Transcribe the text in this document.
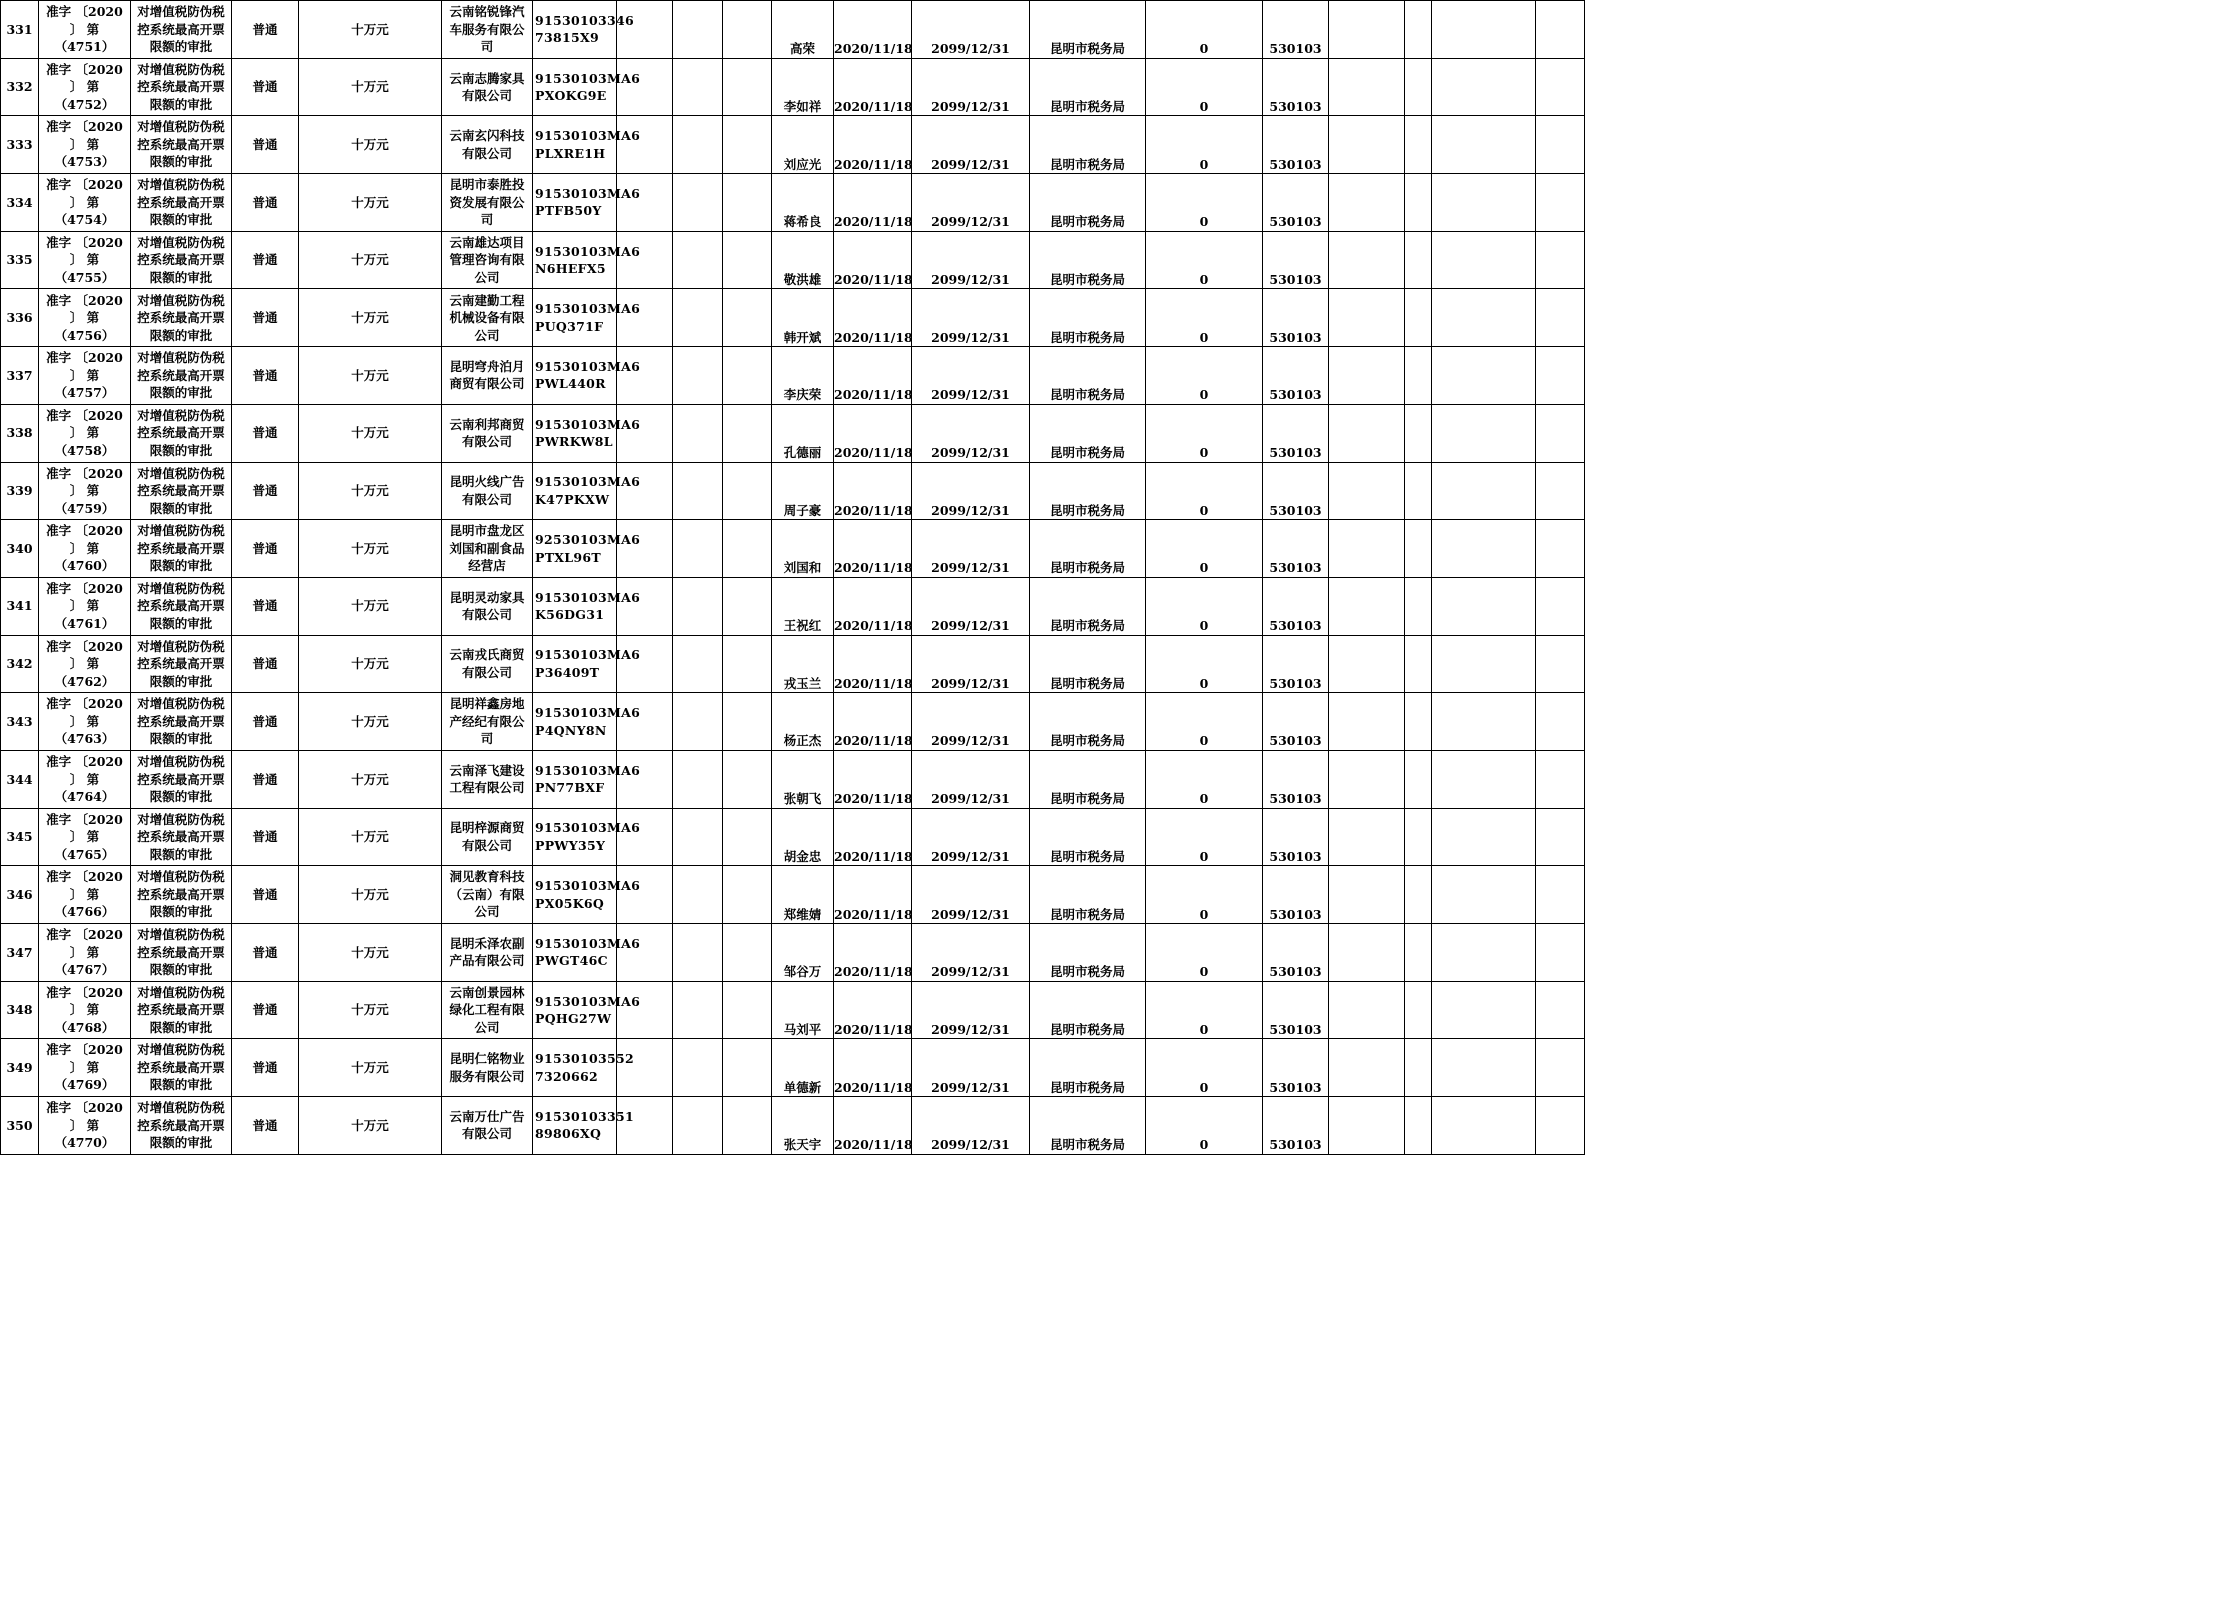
331	准字 〔2020
〕 第
（4751）	对增值税防伪税
控系统最高开票
限额的审批	普通	十万元	云南铭锐锋汽
车服务有限公
司	91530103346
73815X9				高荣	2020/11/18	2099/12/31	昆明市税务局	0	530103				
332	准字 〔2020
〕 第
（4752）	对增值税防伪税
控系统最高开票
限额的审批	普通	十万元	云南志腾家具
有限公司	91530103MA6
PXOKG9E				李如祥	2020/11/18	2099/12/31	昆明市税务局	0	530103				
333	准字 〔2020
〕 第
（4753）	对增值税防伪税
控系统最高开票
限额的审批	普通	十万元	云南玄闪科技
有限公司	91530103MA6
PLXRE1H				刘应光	2020/11/18	2099/12/31	昆明市税务局	0	530103				
334	准字 〔2020
〕 第
（4754）	对增值税防伪税
控系统最高开票
限额的审批	普通	十万元	昆明市泰胜投
资发展有限公
司	91530103MA6
PTFB50Y				蒋希良	2020/11/18	2099/12/31	昆明市税务局	0	530103				
335	准字 〔2020
〕 第
（4755）	对增值税防伪税
控系统最高开票
限额的审批	普通	十万元	云南雄达项目
管理咨询有限
公司	91530103MA6
N6HEFX5				敬洪雄	2020/11/18	2099/12/31	昆明市税务局	0	530103				
336	准字 〔2020
〕 第
（4756）	对增值税防伪税
控系统最高开票
限额的审批	普通	十万元	云南建勤工程
机械设备有限
公司	91530103MA6
PUQ371F				韩开斌	2020/11/18	2099/12/31	昆明市税务局	0	530103				
337	准字 〔2020
〕 第
（4757）	对增值税防伪税
控系统最高开票
限额的审批	普通	十万元	昆明穹舟泊月
商贸有限公司	91530103MA6
PWL440R				李庆荣	2020/11/18	2099/12/31	昆明市税务局	0	530103				
338	准字 〔2020
〕 第
（4758）	对增值税防伪税
控系统最高开票
限额的审批	普通	十万元	云南利邦商贸
有限公司	91530103MA6
PWRKW8L				孔德丽	2020/11/18	2099/12/31	昆明市税务局	0	530103				
339	准字 〔2020
〕 第
（4759）	对增值税防伪税
控系统最高开票
限额的审批	普通	十万元	昆明火线广告
有限公司	91530103MA6
K47PKXW				周子豪	2020/11/18	2099/12/31	昆明市税务局	0	530103				
340	准字 〔2020
〕 第
（4760）	对增值税防伪税
控系统最高开票
限额的审批	普通	十万元	昆明市盘龙区
刘国和副食品
经营店	92530103MA6
PTXL96T				刘国和	2020/11/18	2099/12/31	昆明市税务局	0	530103				
341	准字 〔2020
〕 第
（4761）	对增值税防伪税
控系统最高开票
限额的审批	普通	十万元	昆明灵动家具
有限公司	91530103MA6
K56DG31				王祝红	2020/11/18	2099/12/31	昆明市税务局	0	530103				
342	准字 〔2020
〕 第
（4762）	对增值税防伪税
控系统最高开票
限额的审批	普通	十万元	云南戎氏商贸
有限公司	91530103MA6
P36409T				戎玉兰	2020/11/18	2099/12/31	昆明市税务局	0	530103				
343	准字 〔2020
〕 第
（4763）	对增值税防伪税
控系统最高开票
限额的审批	普通	十万元	昆明祥鑫房地
产经纪有限公
司	91530103MA6
P4QNY8N				杨正杰	2020/11/18	2099/12/31	昆明市税务局	0	530103				
344	准字 〔2020
〕 第
（4764）	对增值税防伪税
控系统最高开票
限额的审批	普通	十万元	云南泽飞建设
工程有限公司	91530103MA6
PN77BXF				张朝飞	2020/11/18	2099/12/31	昆明市税务局	0	530103				
345	准字 〔2020
〕 第
（4765）	对增值税防伪税
控系统最高开票
限额的审批	普通	十万元	昆明梓源商贸
有限公司	91530103MA6
PPWY35Y				胡金忠	2020/11/18	2099/12/31	昆明市税务局	0	530103				
346	准字 〔2020
〕 第
（4766）	对增值税防伪税
控系统最高开票
限额的审批	普通	十万元	洞见教育科技
（云南）有限
公司	91530103MA6
PX05K6Q				郑维婧	2020/11/18	2099/12/31	昆明市税务局	0	530103				
347	准字 〔2020
〕 第
（4767）	对增值税防伪税
控系统最高开票
限额的审批	普通	十万元	昆明禾泽农副
产品有限公司	91530103MA6
PWGT46C				邹谷万	2020/11/18	2099/12/31	昆明市税务局	0	530103				
348	准字 〔2020
〕 第
（4768）	对增值税防伪税
控系统最高开票
限额的审批	普通	十万元	云南创景园林
绿化工程有限
公司	91530103MA6
PQHG27W				马刘平	2020/11/18	2099/12/31	昆明市税务局	0	530103				
349	准字 〔2020
〕 第
（4769）	对增值税防伪税
控系统最高开票
限额的审批	普通	十万元	昆明仁铭物业
服务有限公司	91530103552
7320662				单德新	2020/11/18	2099/12/31	昆明市税务局	0	530103				
350	准字 〔2020
〕 第
（4770）	对增值税防伪税
控系统最高开票
限额的审批	普通	十万元	云南万仕广告
有限公司	91530103351
89806XQ				张天宇	2020/11/18	2099/12/31	昆明市税务局	0	530103				
